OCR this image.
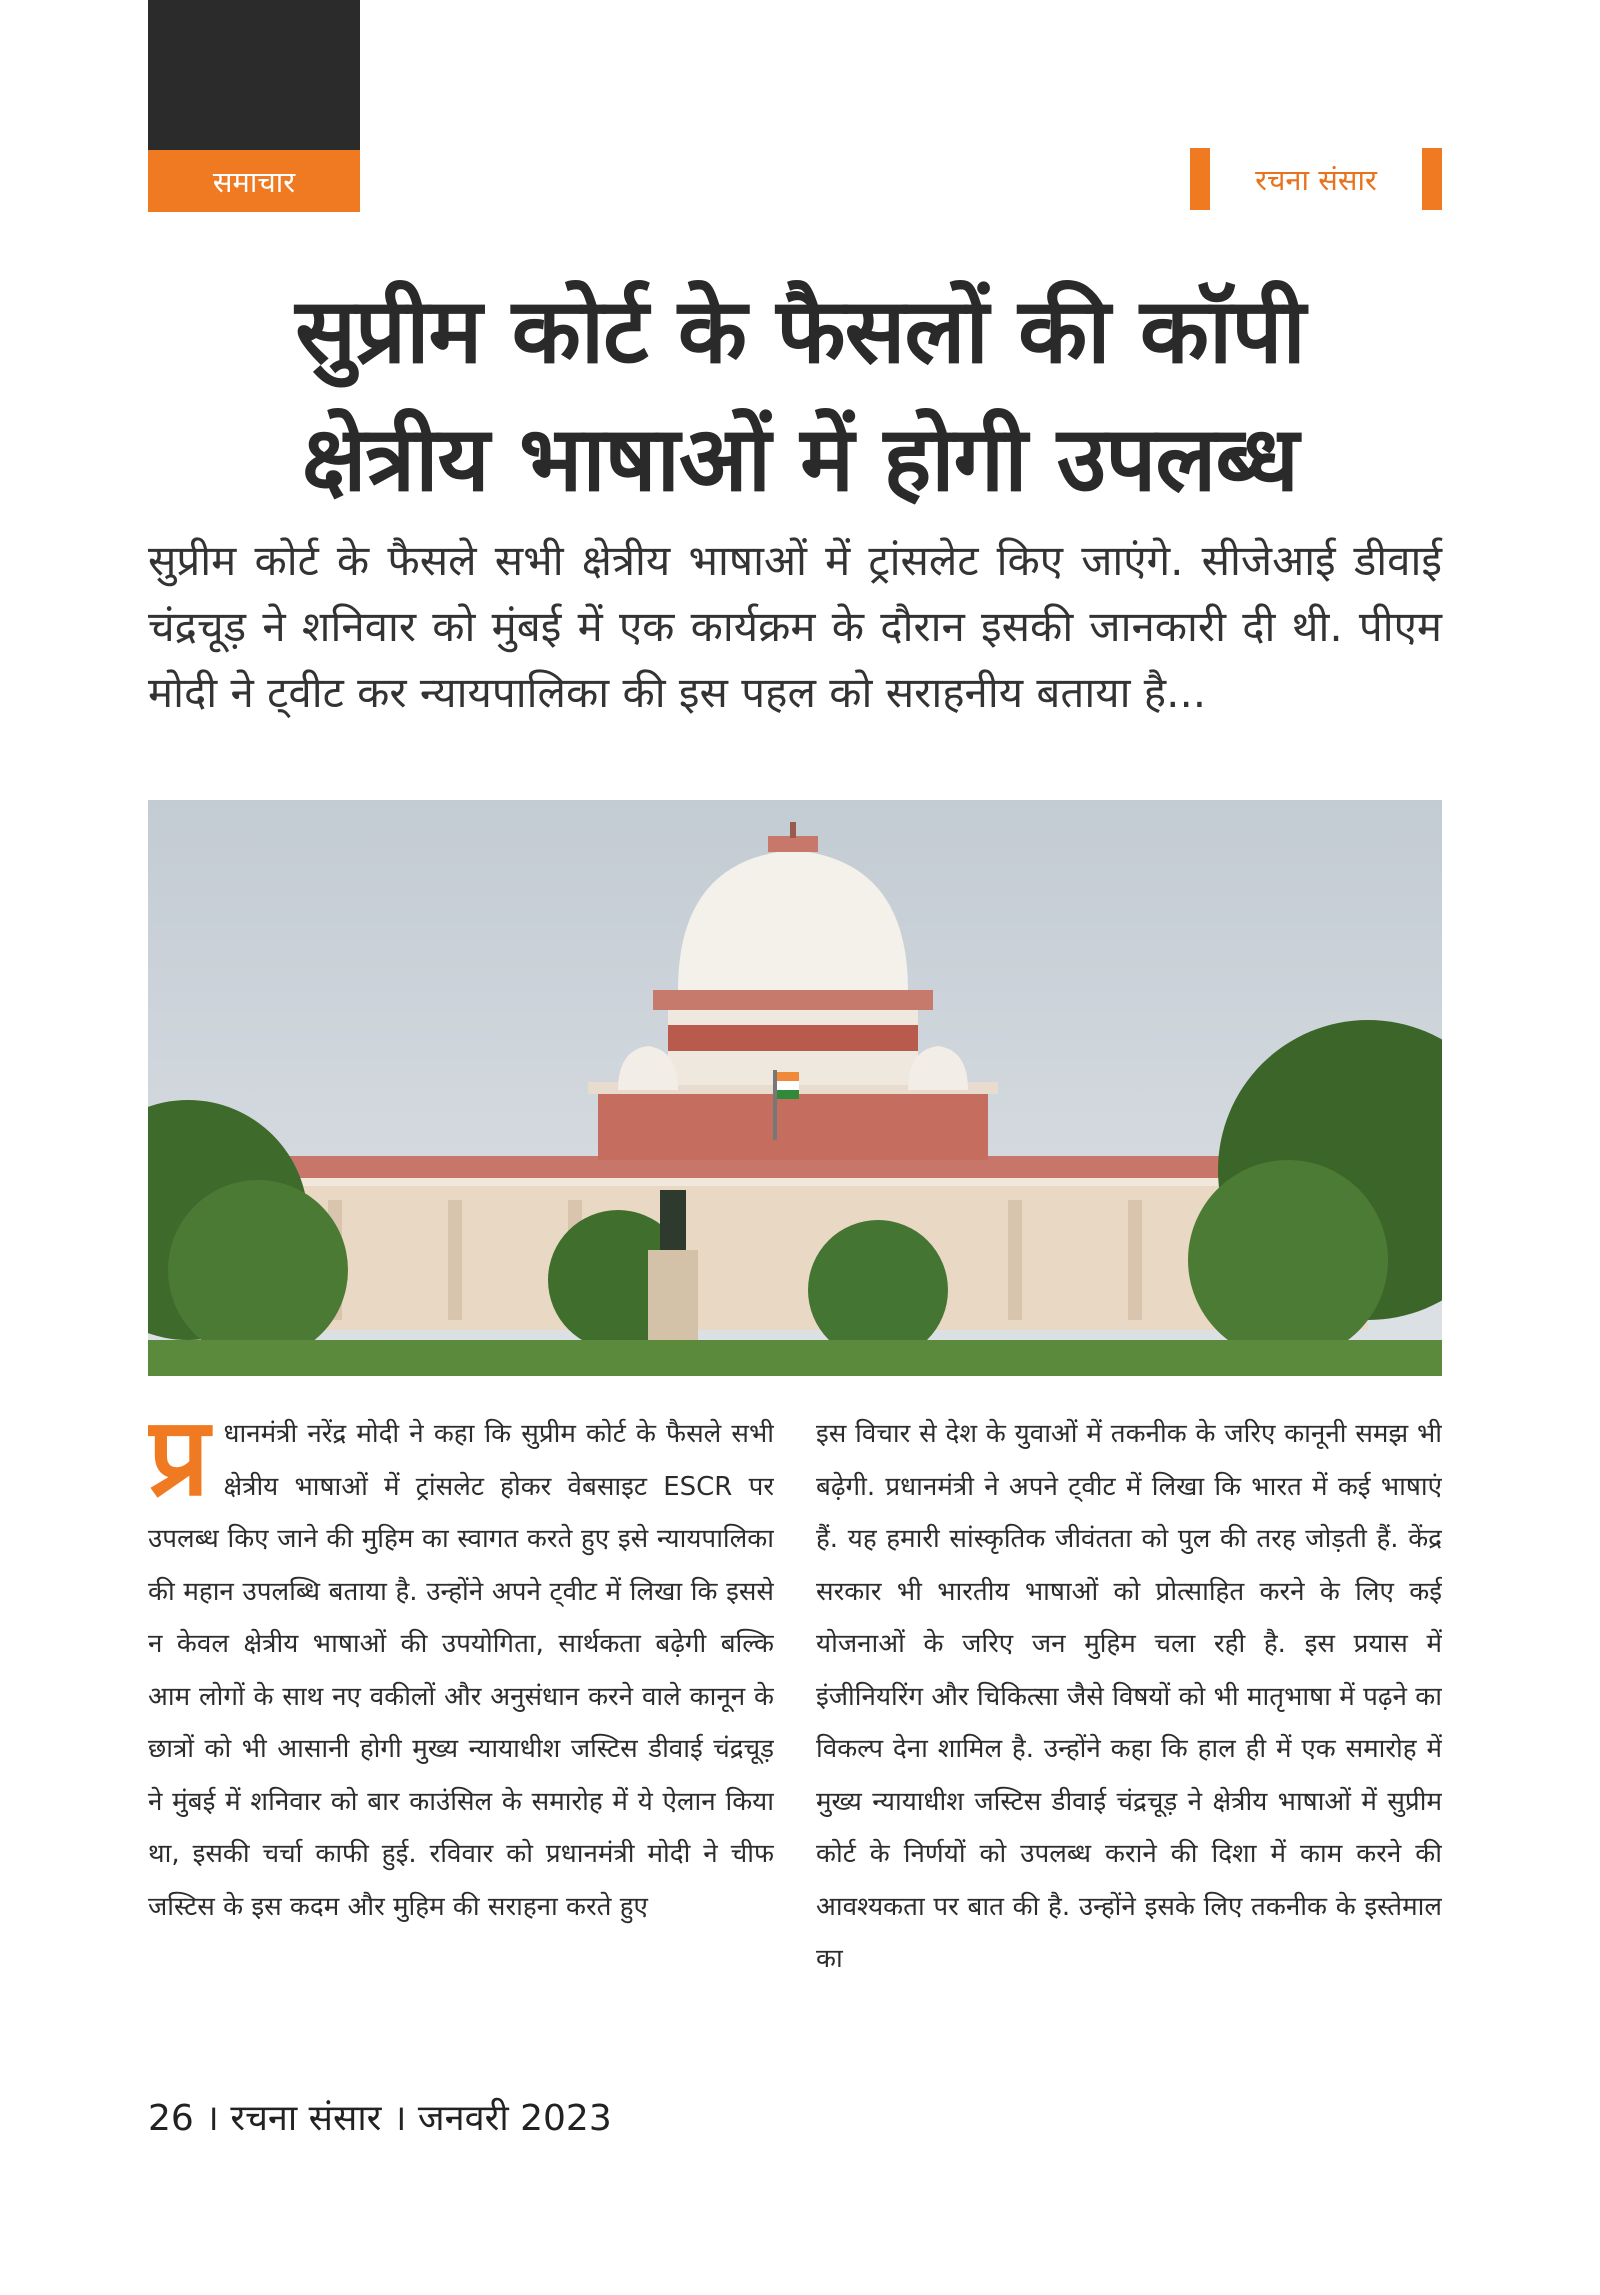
समाचार	रचना संसार
सुप्रीम कोर्ट के फैसलों की कॉपी
क्षेत्रीय भाषाओं में होगी उपलब्ध

सुप्रीम कोर्ट के फैसले सभी क्षेत्रीय भाषाओं में ट्रांसलेट किए जाएंगे. सीजेआई डीवाई चंद्रचूड़ ने शनिवार को मुंबई में एक कार्यक्रम के दौरान इसकी जानकारी दी थी. पीएम मोदी ने ट्वीट कर न्यायपालिका की इस पहल को सराहनीय बताया है...

प्र धानमंत्री नरेंद्र मोदी ने कहा कि सुप्रीम कोर्ट के फैसले सभी क्षेत्रीय भाषाओं में ट्रांसलेट होकर वेबसाइट ESCR पर उपलब्ध किए जाने की मुहिम का स्वागत करते हुए इसे न्यायपालिका की महान उपलब्धि बताया है. उन्होंने अपने ट्वीट में लिखा कि इससे न केवल क्षेत्रीय भाषाओं की उपयोगिता, सार्थकता बढ़ेगी बल्कि आम लोगों के साथ नए वकीलों और अनुसंधान करने वाले कानून के छात्रों को भी आसानी होगी मुख्य न्यायाधीश जस्टिस डीवाई चंद्रचूड़ ने मुंबई में शनिवार को बार काउंसिल के समारोह में ये ऐलान किया था, इसकी चर्चा काफी हुई. रविवार को प्रधानमंत्री मोदी ने चीफ जस्टिस के इस कदम और मुहिम की सराहना करते हुए

इस विचार से देश के युवाओं में तकनीक के जरिए कानूनी समझ भी बढ़ेगी. प्रधानमंत्री ने अपने ट्वीट में लिखा कि भारत में कई भाषाएं हैं. यह हमारी सांस्कृतिक जीवंतता को पुल की तरह जोड़ती हैं. केंद्र सरकार भी भारतीय भाषाओं को प्रोत्साहित करने के लिए कई योजनाओं के जरिए जन मुहिम चला रही है. इस प्रयास में इंजीनियरिंग और चिकित्सा जैसे विषयों को भी मातृभाषा में पढ़ने का विकल्प देना शामिल है. उन्होंने कहा कि हाल ही में एक समारोह में मुख्य न्यायाधीश जस्टिस डीवाई चंद्रचूड़ ने क्षेत्रीय भाषाओं में सुप्रीम कोर्ट के निर्णयों को उपलब्ध कराने की दिशा में काम करने की आवश्यकता पर बात की है. उन्होंने इसके लिए तकनीक के इस्तेमाल का

26 । रचना संसार । जनवरी 2023
